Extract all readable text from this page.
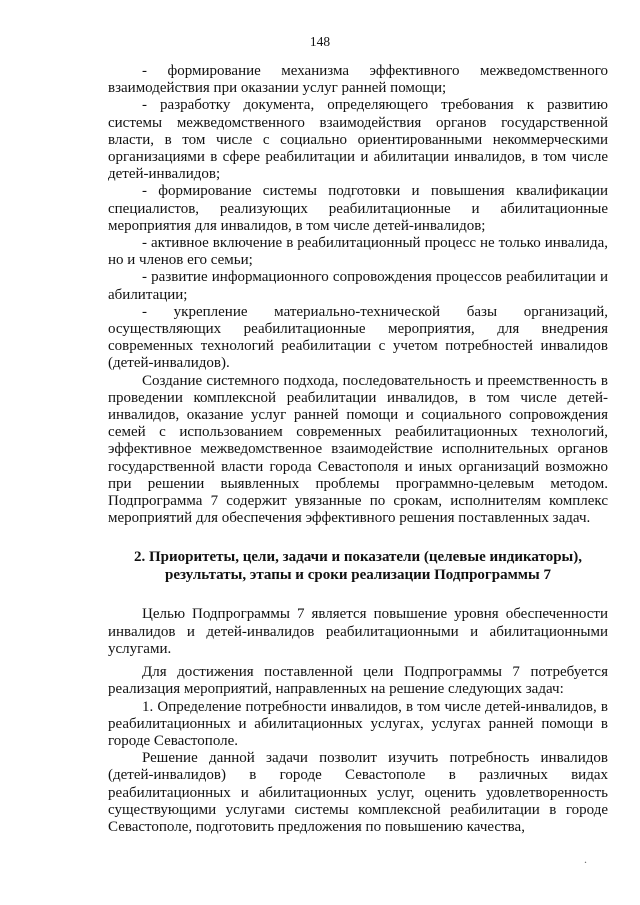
148

- формирование механизма эффективного межведомственного взаимодействия при оказании услуг ранней помощи;

- разработку документа, определяющего требования к развитию системы межведомственного взаимодействия органов государственной власти, в том числе с социально ориентированными некоммерческими организациями в сфере реабилитации и абилитации инвалидов, в том числе детей-инвалидов;

- формирование системы подготовки и повышения квалификации специалистов, реализующих реабилитационные и абилитационные мероприятия для инвалидов, в том числе детей-инвалидов;

- активное включение в реабилитационный процесс не только инвалида, но и членов его семьи;

- развитие информационного сопровождения процессов реабилитации и абилитации;

- укрепление материально-технической базы организаций, осуществляющих реабилитационные мероприятия, для внедрения современных технологий реабилитации с учетом потребностей инвалидов (детей-инвалидов).

Создание системного подхода, последовательность и преемственность в проведении комплексной реабилитации инвалидов, в том числе детей-инвалидов, оказание услуг ранней помощи и социального сопровождения семей с использованием современных реабилитационных технологий, эффективное межведомственное взаимодействие исполнительных органов государственной власти города Севастополя и иных организаций возможно при решении выявленных проблемы программно-целевым методом. Подпрограмма 7 содержит увязанные по срокам, исполнителям комплекс мероприятий для обеспечения эффективного решения поставленных задач.

2. Приоритеты, цели, задачи и показатели (целевые индикаторы), результаты, этапы и сроки реализации Подпрограммы 7

Целью Подпрограммы 7 является повышение уровня обеспеченности инвалидов и детей-инвалидов реабилитационными и абилитационными услугами.

Для достижения поставленной цели Подпрограммы 7 потребуется реализация мероприятий, направленных на решение следующих задач:

1. Определение потребности инвалидов, в том числе детей-инвалидов, в реабилитационных и абилитационных услугах, услугах ранней помощи в городе Севастополе.

Решение данной задачи позволит изучить потребность инвалидов (детей-инвалидов) в городе Севастополе в различных видах реабилитационных и абилитационных услуг, оценить удовлетворенность существующими услугами системы комплексной реабилитации в городе Севастополе, подготовить предложения по повышению качества,

.
